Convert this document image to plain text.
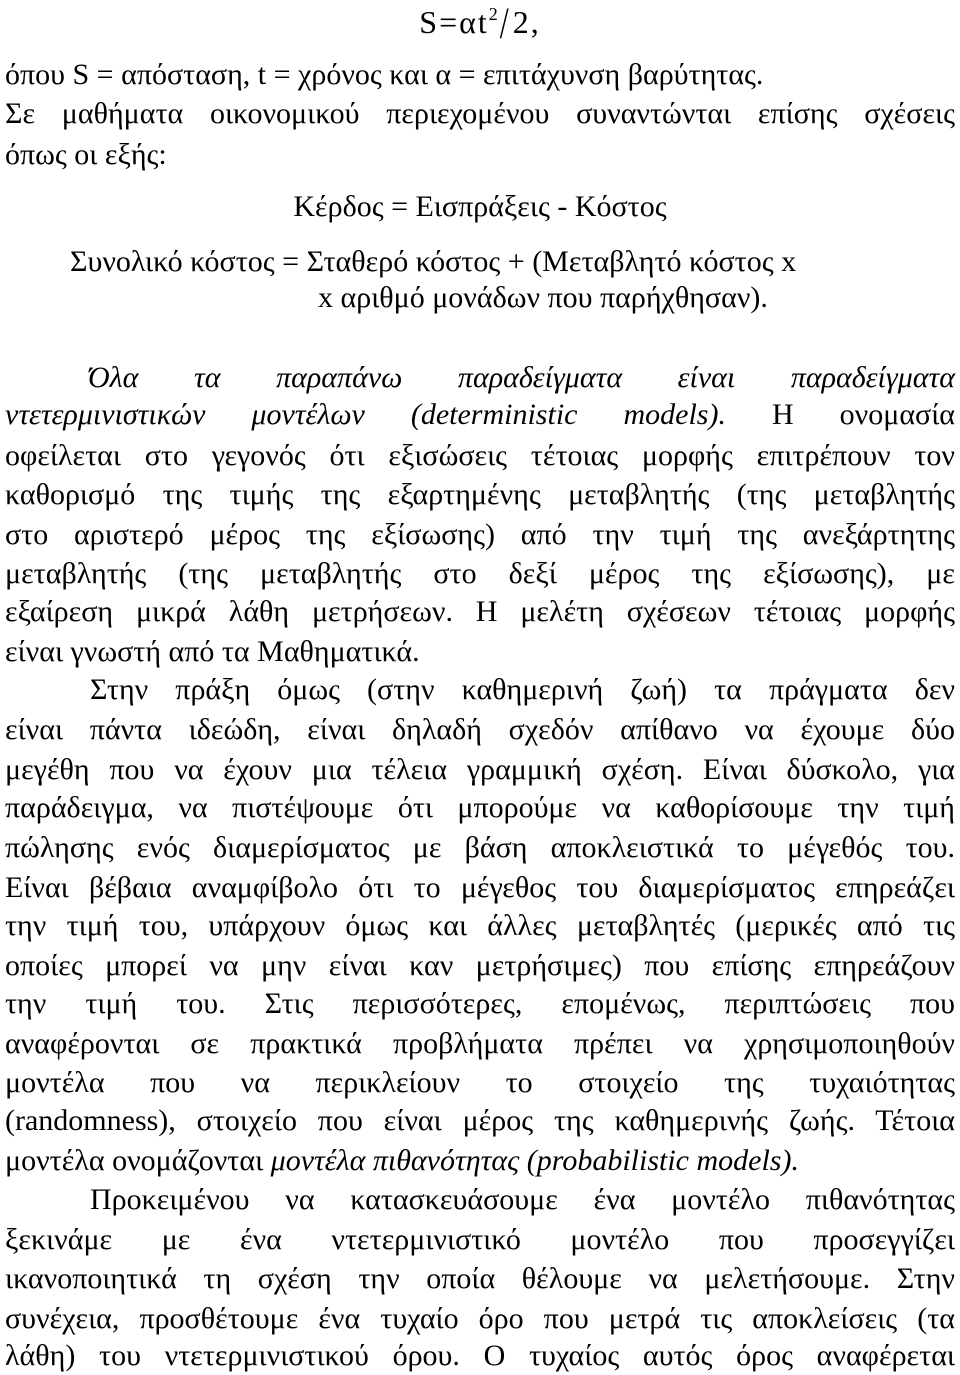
$S=\alpha t^2/2$,
όπου S = απόσταση, t = χρόνος και α = επιτάχυνση βαρύτητας.
Σε μαθήματα οικονομικού περιεχομένου συναντώνται επίσης σχέσεις
όπως οι εξής:
Κέρδος = Εισπράξεις - Κόστος
Συνολικό κόστος = Σταθερό κόστος + (Μεταβλητό κόστος x
x αριθμό μονάδων που παρήχθησαν).
Όλα τα παραπάνω παραδείγματα είναι παραδείγματα
ντετερμινιστικών μοντέλων (deterministic models). Η ονομασία
οφείλεται στο γεγονός ότι εξισώσεις τέτοιας μορφής επιτρέπουν τον
καθορισμό της τιμής της εξαρτημένης μεταβλητής (της μεταβλητής
στο αριστερό μέρος της εξίσωσης) από την τιμή της ανεξάρτητης
μεταβλητής (της μεταβλητής στο δεξί μέρος της εξίσωσης), με
εξαίρεση μικρά λάθη μετρήσεων. Η μελέτη σχέσεων τέτοιας μορφής
είναι γνωστή από τα Μαθηματικά.
Στην πράξη όμως (στην καθημερινή ζωή) τα πράγματα δεν
είναι πάντα ιδεώδη, είναι δηλαδή σχεδόν απίθανο να έχουμε δύο
μεγέθη που να έχουν μια τέλεια γραμμική σχέση. Είναι δύσκολο, για
παράδειγμα, να πιστέψουμε ότι μπορούμε να καθορίσουμε την τιμή
πώλησης ενός διαμερίσματος με βάση αποκλειστικά το μέγεθός του.
Είναι βέβαια αναμφίβολο ότι το μέγεθος του διαμερίσματος επηρεάζει
την τιμή του, υπάρχουν όμως και άλλες μεταβλητές (μερικές από τις
οποίες μπορεί να μην είναι καν μετρήσιμες) που επίσης επηρεάζουν
την τιμή του. Στις περισσότερες, επομένως, περιπτώσεις που
αναφέρονται σε πρακτικά προβλήματα πρέπει να χρησιμοποιηθούν
μοντέλα που να περικλείουν το στοιχείο της τυχαιότητας
(randomness), στοιχείο που είναι μέρος της καθημερινής ζωής. Τέτοια
μοντέλα ονομάζονται μοντέλα πιθανότητας (probabilistic models).
Προκειμένου να κατασκευάσουμε ένα μοντέλο πιθανότητας
ξεκινάμε με ένα ντετερμινιστικό μοντέλο που προσεγγίζει
ικανοποιητικά τη σχέση την οποία θέλουμε να μελετήσουμε. Στην
συνέχεια, προσθέτουμε ένα τυχαίο όρο που μετρά τις αποκλείσεις (τα
λάθη) του ντετερμινιστικού όρου. Ο τυχαίος αυτός όρος αναφέρεται
